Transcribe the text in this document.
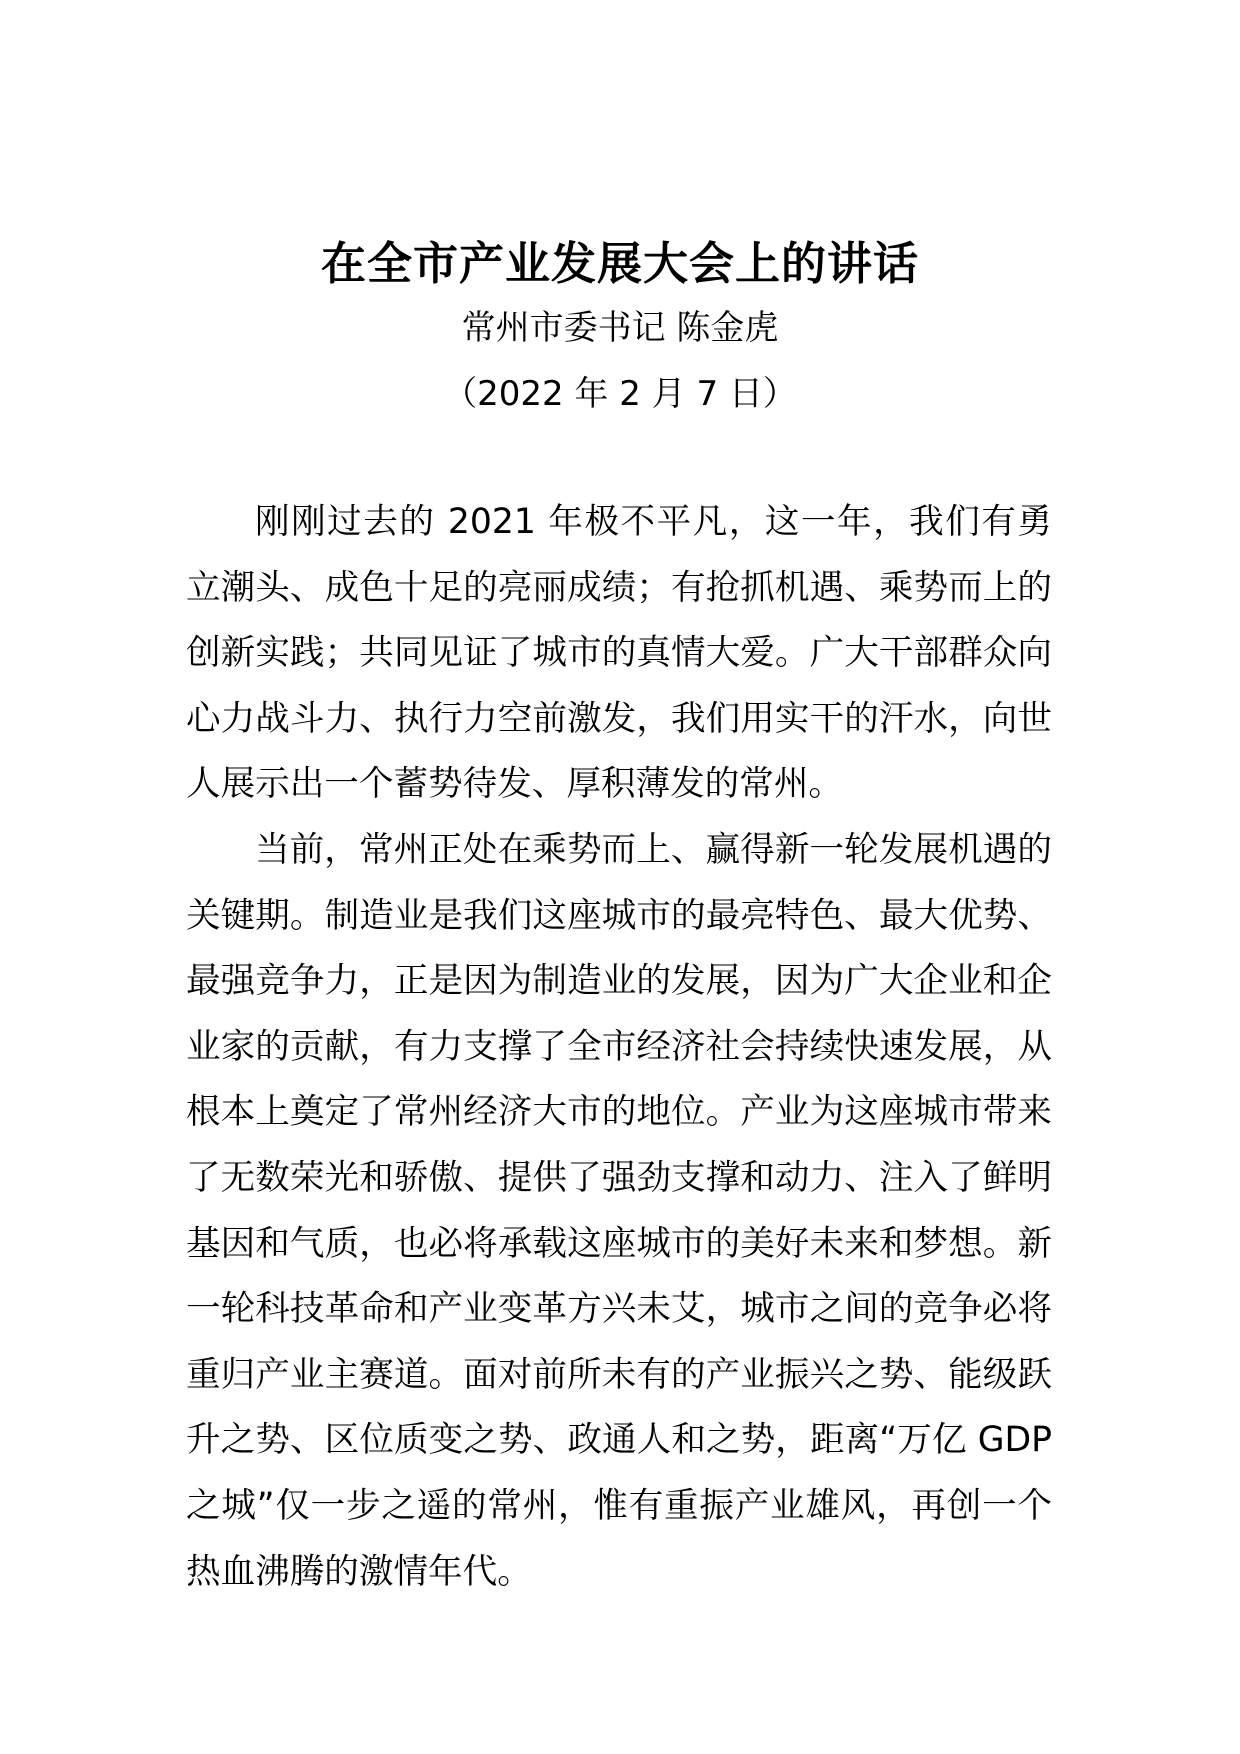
在全市产业发展大会上的讲话

常州市委书记 陈金虎

（2022 年 2 月 7 日）

刚刚过去的 2021 年极不平凡，这一年，我们有勇立潮头、成色十足的亮丽成绩；有抢抓机遇、乘势而上的创新实践；共同见证了城市的真情大爱。广大干部群众向心力战斗力、执行力空前激发，我们用实干的汗水，向世人展示出一个蓄势待发、厚积薄发的常州。

当前，常州正处在乘势而上、赢得新一轮发展机遇的关键期。制造业是我们这座城市的最亮特色、最大优势、最强竞争力，正是因为制造业的发展，因为广大企业和企业家的贡献，有力支撑了全市经济社会持续快速发展，从根本上奠定了常州经济大市的地位。产业为这座城市带来了无数荣光和骄傲、提供了强劲支撑和动力、注入了鲜明基因和气质，也必将承载这座城市的美好未来和梦想。新一轮科技革命和产业变革方兴未艾，城市之间的竞争必将重归产业主赛道。面对前所未有的产业振兴之势、能级跃升之势、区位质变之势、政通人和之势，距离“万亿 GDP 之城”仅一步之遥的常州，惟有重振产业雄风，再创一个热血沸腾的激情年代。
